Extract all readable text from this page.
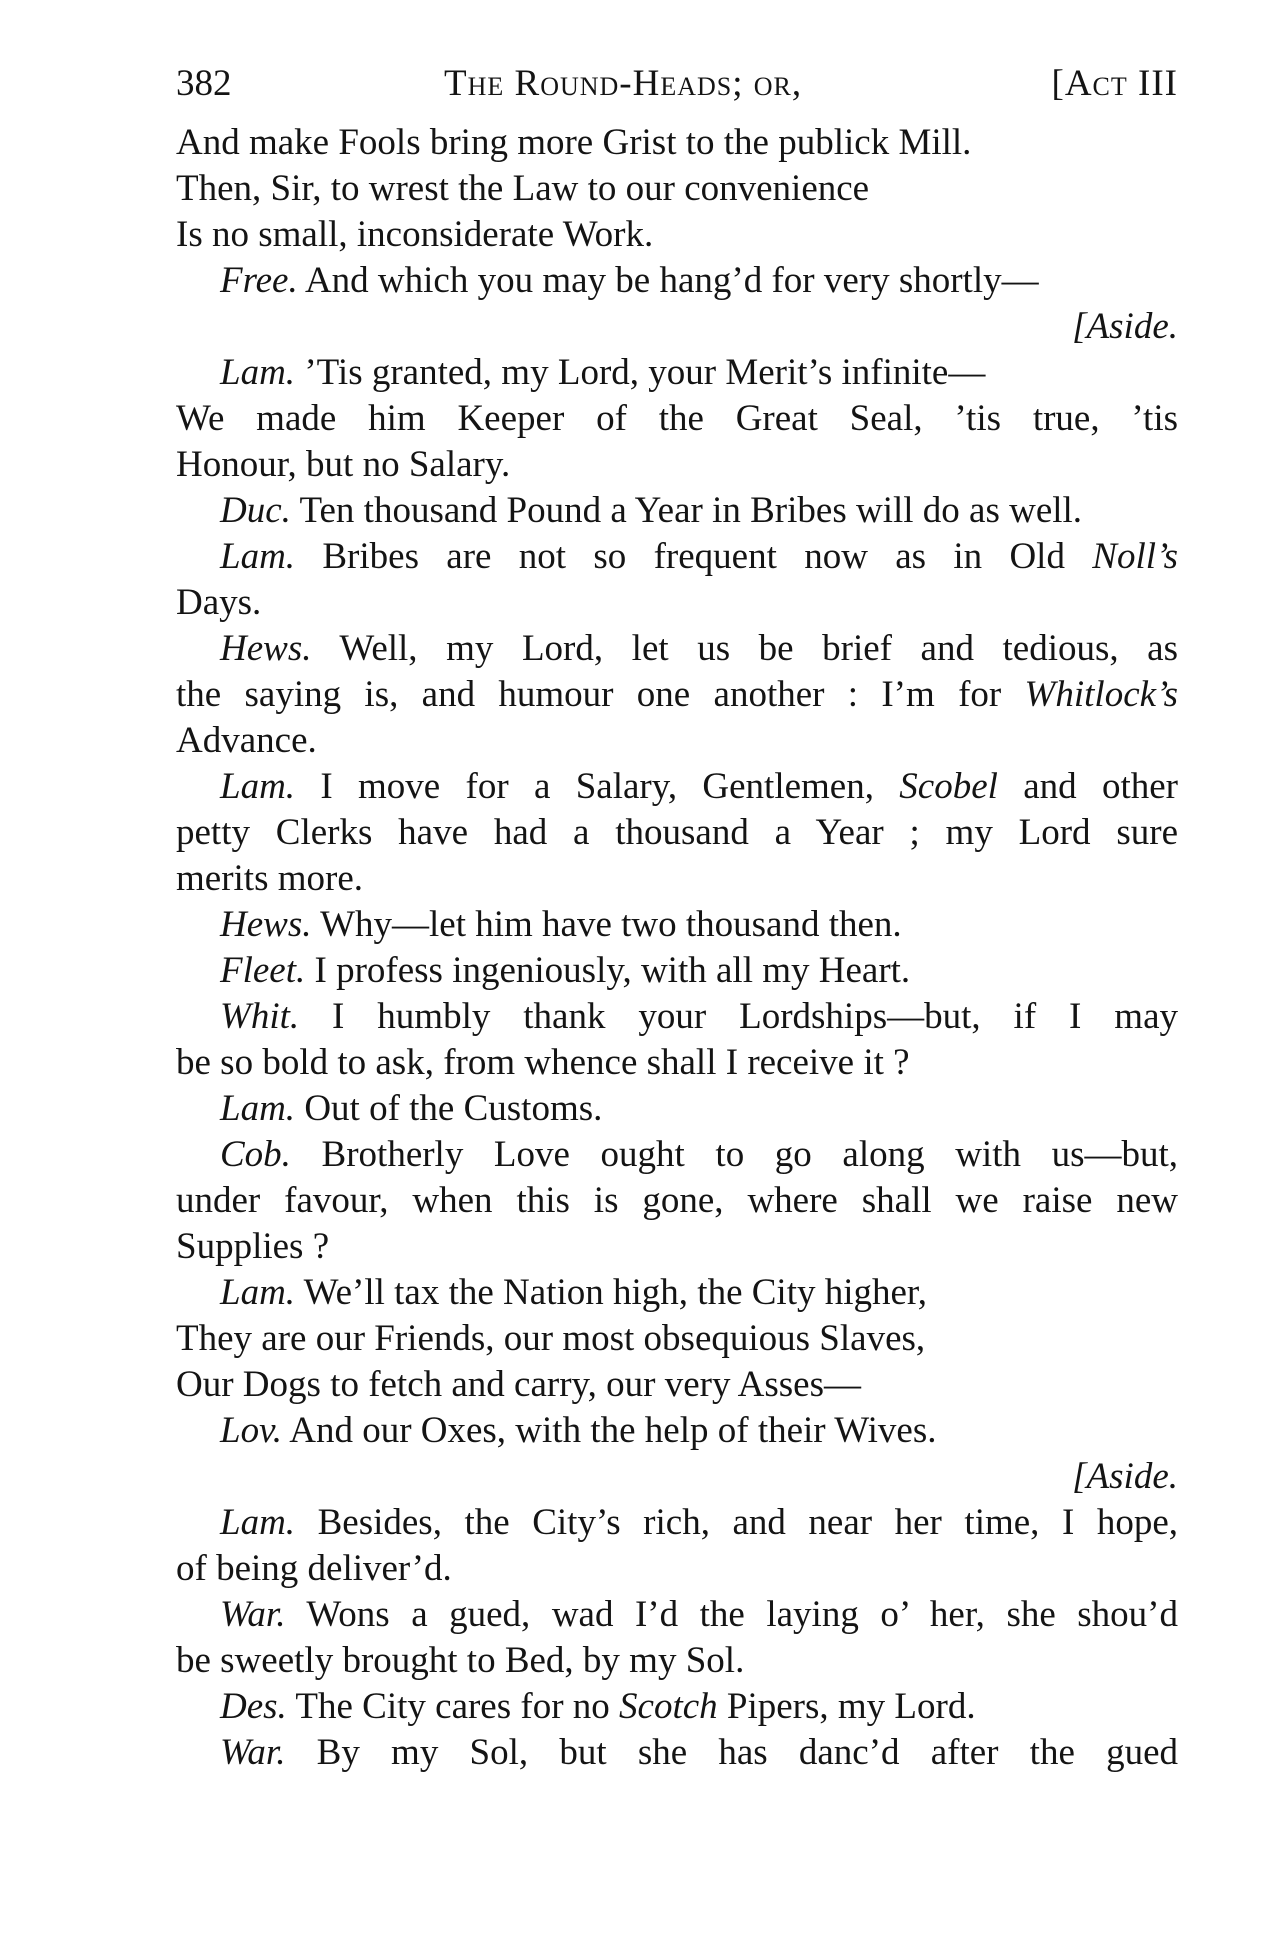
382	The Round-Heads; or,	[Act III
And make Fools bring more Grist to the publick Mill.
Then, Sir, to wrest the Law to our convenience
Is no small, inconsiderate Work.
Free. And which you may be hang’d for very shortly—
[Aside.
Lam. ’Tis granted, my Lord, your Merit’s infinite—
We made him Keeper of the Great Seal, ’tis true, ’tis
Honour, but no Salary.
Duc. Ten thousand Pound a Year in Bribes will do as well.
Lam. Bribes are not so frequent now as in Old Noll’s
Days.
Hews. Well, my Lord, let us be brief and tedious, as
the saying is, and humour one another : I’m for Whitlock’s
Advance.
Lam. I move for a Salary, Gentlemen, Scobel and other
petty Clerks have had a thousand a Year ; my Lord sure
merits more.
Hews. Why—let him have two thousand then.
Fleet. I profess ingeniously, with all my Heart.
Whit. I humbly thank your Lordships—but, if I may
be so bold to ask, from whence shall I receive it ?
Lam. Out of the Customs.
Cob. Brotherly Love ought to go along with us—but,
under favour, when this is gone, where shall we raise new
Supplies ?
Lam. We’ll tax the Nation high, the City higher,
They are our Friends, our most obsequious Slaves,
Our Dogs to fetch and carry, our very Asses—
Lov. And our Oxes, with the help of their Wives.
[Aside.
Lam. Besides, the City’s rich, and near her time, I hope,
of being deliver’d.
War. Wons a gued, wad I’d the laying o’ her, she shou’d
be sweetly brought to Bed, by my Sol.
Des. The City cares for no Scotch Pipers, my Lord.
War. By my Sol, but she has danc’d after the gued
